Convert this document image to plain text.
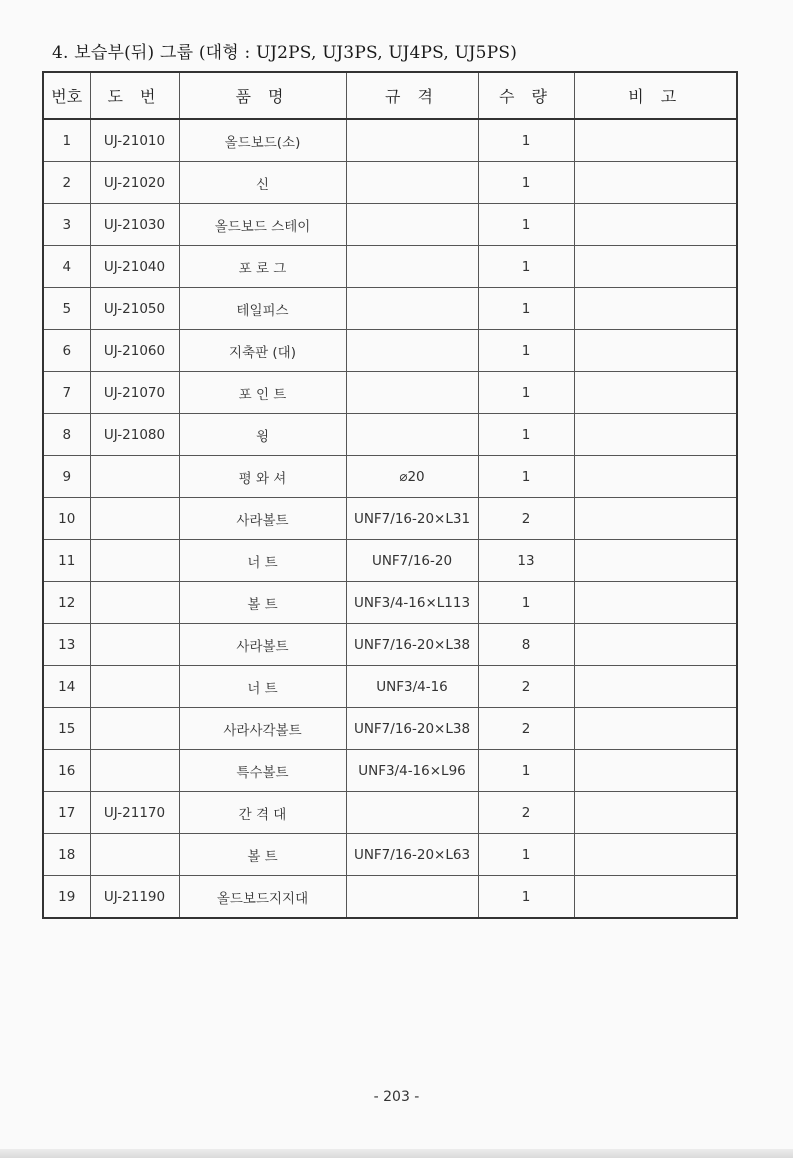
4. 보습부(뒤) 그룹 (대형 : UJ2PS, UJ3PS, UJ4PS, UJ5PS)
번호	도 번	품 명	규 격	수 량	비 고
1	UJ-21010	올드보드(소)		1	
2	UJ-21020	신		1	
3	UJ-21030	올드보드 스테이		1	
4	UJ-21040	포 로 그		1	
5	UJ-21050	테일피스		1	
6	UJ-21060	지축판 (대)		1	
7	UJ-21070	포 인 트		1	
8	UJ-21080	윙		1	
9		평 와 셔	⌀20	1	
10		사라볼트	UNF7/16-20×L31	2	
11		너 트	UNF7/16-20	13	
12		볼 트	UNF3/4-16×L113	1	
13		사라볼트	UNF7/16-20×L38	8	
14		너 트	UNF3/4-16	2	
15		사라사각볼트	UNF7/16-20×L38	2	
16		특수볼트	UNF3/4-16×L96	1	
17	UJ-21170	간 격 대		2	
18		볼 트	UNF7/16-20×L63	1	
19	UJ-21190	올드보드지지대		1	
- 203 -
